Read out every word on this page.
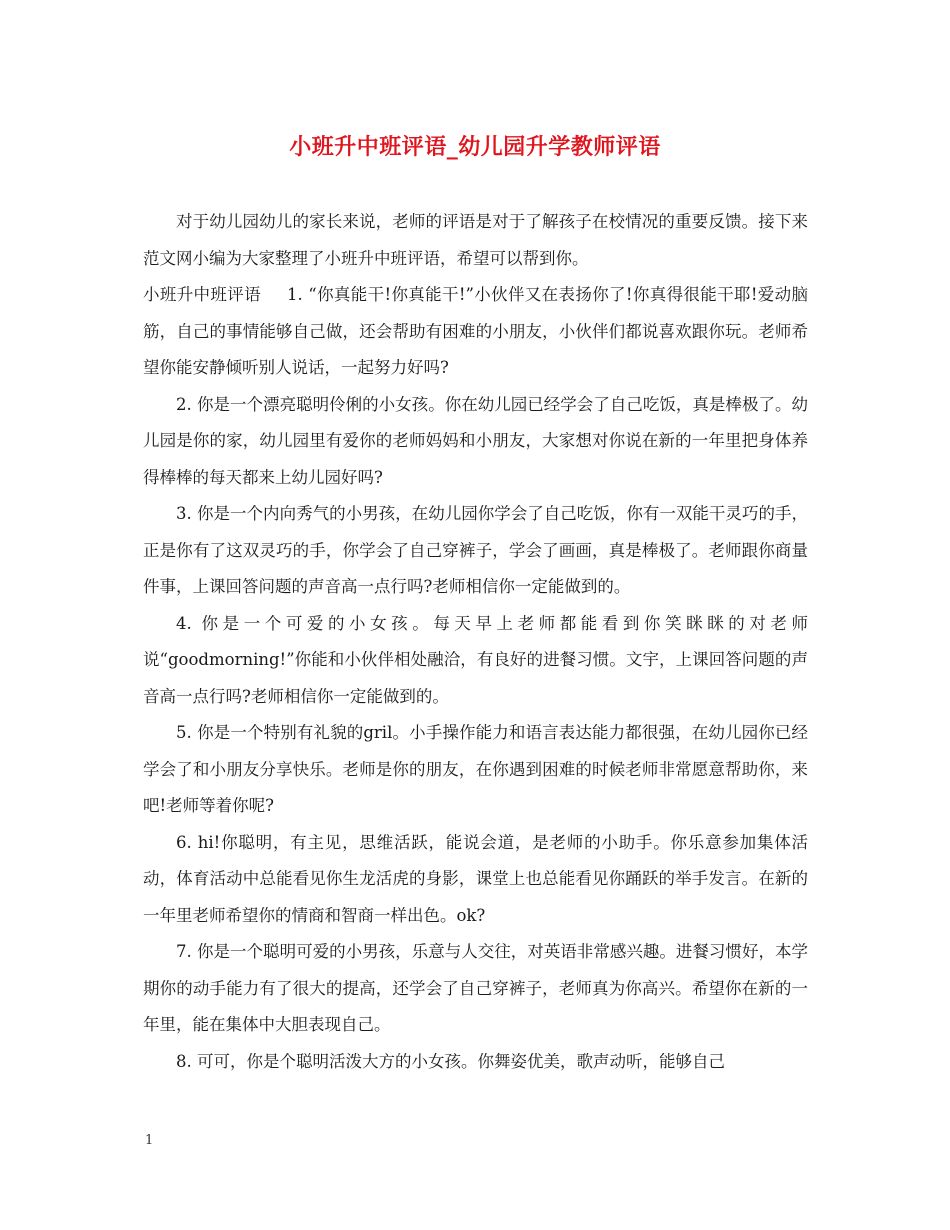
小班升中班评语_幼儿园升学教师评语

对于幼儿园幼儿的家长来说，老师的评语是对于了解孩子在校情况的重要反馈。接下来范文网小编为大家整理了小班升中班评语，希望可以帮到你。

小班升中班评语 1. “你真能干!你真能干!”小伙伴又在表扬你了!你真得很能干耶!爱动脑筋，自己的事情能够自己做，还会帮助有困难的小朋友，小伙伴们都说喜欢跟你玩。老师希望你能安静倾听别人说话，一起努力好吗?

2. 你是一个漂亮聪明伶俐的小女孩。你在幼儿园已经学会了自己吃饭，真是棒极了。幼儿园是你的家，幼儿园里有爱你的老师妈妈和小朋友，大家想对你说在新的一年里把身体养得棒棒的每天都来上幼儿园好吗?

3. 你是一个内向秀气的小男孩，在幼儿园你学会了自己吃饭，你有一双能干灵巧的手，正是你有了这双灵巧的手，你学会了自己穿裤子，学会了画画，真是棒极了。老师跟你商量件事，上课回答问题的声音高一点行吗?老师相信你一定能做到的。

4. 你是一个可爱的小女孩。每天早上老师都能看到你笑眯眯的对老师说“goodmorning!”你能和小伙伴相处融洽，有良好的进餐习惯。文宇，上课回答问题的声音高一点行吗?老师相信你一定能做到的。

5. 你是一个特别有礼貌的gril。小手操作能力和语言表达能力都很强，在幼儿园你已经学会了和小朋友分享快乐。老师是你的朋友，在你遇到困难的时候老师非常愿意帮助你，来吧!老师等着你呢?

6. hi!你聪明，有主见，思维活跃，能说会道，是老师的小助手。你乐意参加集体活动，体育活动中总能看见你生龙活虎的身影，课堂上也总能看见你踊跃的举手发言。在新的一年里老师希望你的情商和智商一样出色。ok?

7. 你是一个聪明可爱的小男孩，乐意与人交往，对英语非常感兴趣。进餐习惯好，本学期你的动手能力有了很大的提高，还学会了自己穿裤子，老师真为你高兴。希望你在新的一年里，能在集体中大胆表现自己。

8. 可可，你是个聪明活泼大方的小女孩。你舞姿优美，歌声动听，能够自己

1
